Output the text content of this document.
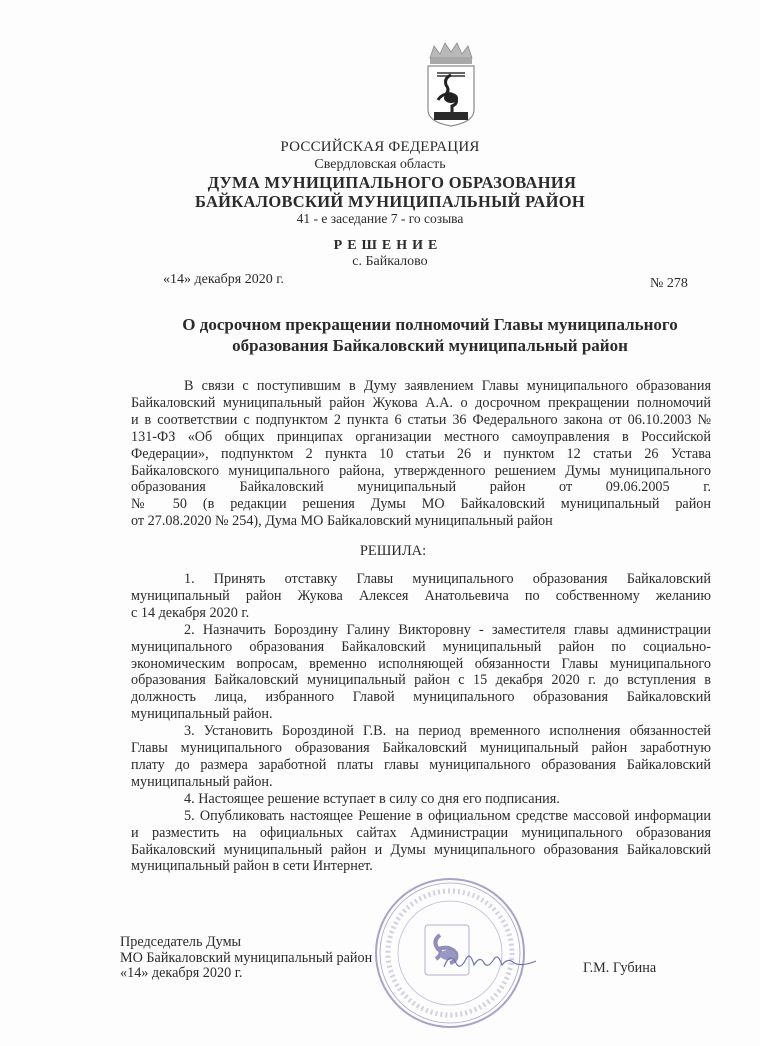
РОССИЙСКАЯ ФЕДЕРАЦИЯ
Свердловская область
ДУМА МУНИЦИПАЛЬНОГО ОБРАЗОВАНИЯ
БАЙКАЛОВСКИЙ МУНИЦИПАЛЬНЫЙ РАЙОН
41 - е заседание 7 - го созыва
РЕШЕНИЕ
с. Байкалово
«14» декабря 2020 г.	№ 278
О досрочном прекращении полномочий Главы муниципального
образования Байкаловский муниципальный район
В связи с поступившим в Думу заявлением Главы муниципального образования
Байкаловский муниципальный район Жукова А.А. о досрочном прекращении полномочий
и в соответствии с подпунктом 2 пункта 6 статьи 36 Федерального закона от 06.10.2003 №
131-ФЗ «Об общих принципах организации местного самоуправления в Российской
Федерации», подпунктом 2 пункта 10 статьи 26 и пунктом 12 статьи 26 Устава
Байкаловского муниципального района, утвержденного решением Думы муниципального
образования Байкаловский муниципальный район от 09.06.2005 г.
№ 50 (в редакции решения Думы МО Байкаловский муниципальный район
от 27.08.2020 № 254), Дума МО Байкаловский муниципальный район
РЕШИЛА:
1. Принять отставку Главы муниципального образования Байкаловский
муниципальный район Жукова Алексея Анатольевича по собственному желанию
с 14 декабря 2020 г.
2. Назначить Бороздину Галину Викторовну - заместителя главы администрации
муниципального образования Байкаловский муниципальный район по социально-
экономическим вопросам, временно исполняющей обязанности Главы муниципального
образования Байкаловский муниципальный район с 15 декабря 2020 г. до вступления в
должность лица, избранного Главой муниципального образования Байкаловский
муниципальный район.
3. Установить Бороздиной Г.В. на период временного исполнения обязанностей
Главы муниципального образования Байкаловский муниципальный район заработную
плату до размера заработной платы главы муниципального образования Байкаловский
муниципальный район.
4. Настоящее решение вступает в силу со дня его подписания.
5. Опубликовать настоящее Решение в официальном средстве массовой информации
и разместить на официальных сайтах Администрации муниципального образования
Байкаловский муниципальный район и Думы муниципального образования Байкаловский
муниципальный район в сети Интернет.
Председатель Думы
МО Байкаловский муниципальный район
«14» декабря 2020 г.	Г.М. Губина
